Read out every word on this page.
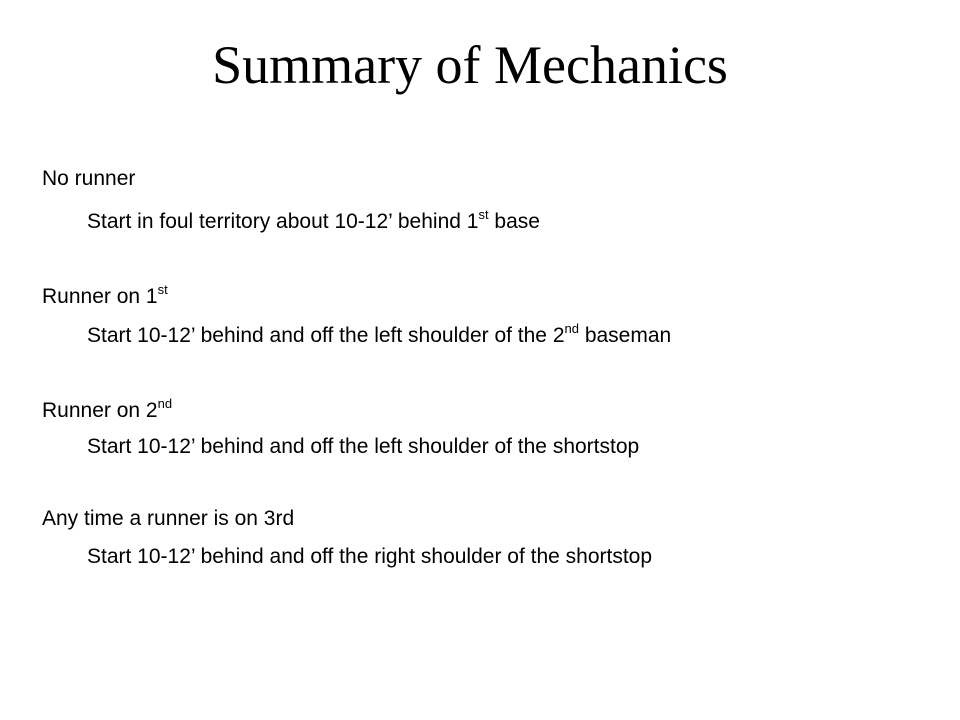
Summary of Mechanics
No runner
Start in foul territory about 10-12’ behind 1st base
Runner on 1st
Start 10-12’ behind and off the left shoulder of the 2nd baseman
Runner on 2nd
Start 10-12’ behind and off the left shoulder of the shortstop
Any time a runner is on 3rd
Start 10-12’ behind and off the right shoulder of the shortstop
